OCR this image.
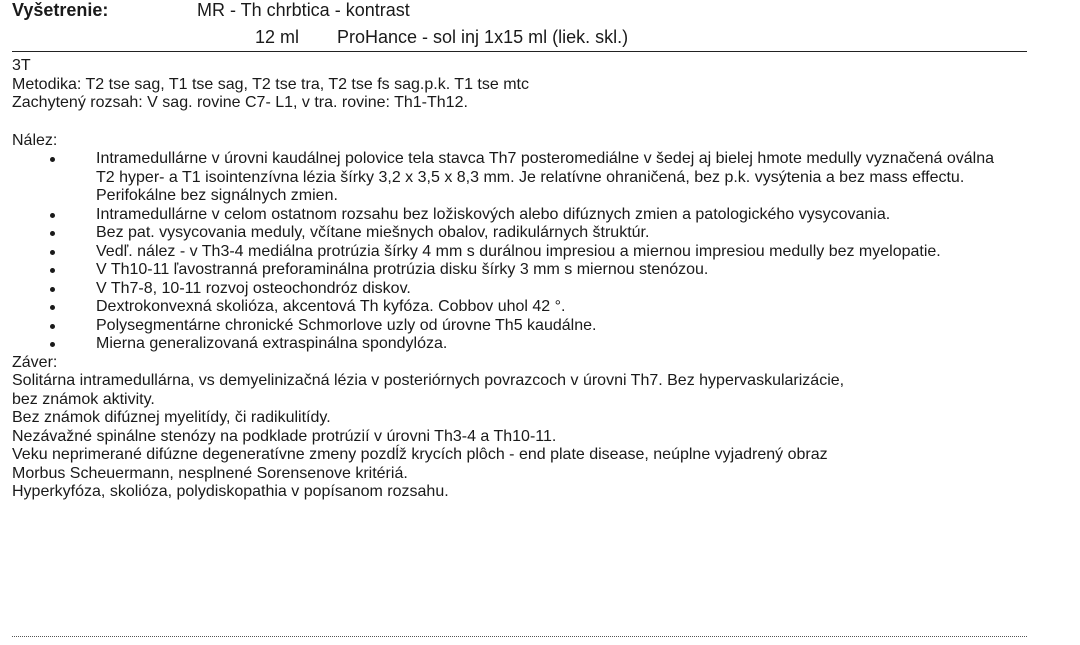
Vyšetrenie:	MR - Th chrbtica - kontrast
12 ml ProHance - sol inj 1x15 ml (liek. skl.)
3T
Metodika: T2 tse sag, T1 tse sag, T2 tse tra, T2 tse fs sag.p.k. T1 tse mtc
Zachytený rozsah: V sag. rovine C7- L1, v tra. rovine: Th1-Th12.
Nález:
Intramedullárne v úrovni kaudálnej polovice tela stavca Th7 posteromediálne v šedej aj bielej hmote medully vyznačená oválna T2 hyper- a T1 isointenzívna lézia šírky 3,2 x 3,5 x 8,3 mm. Je relatívne ohraničená, bez p.k. vysýtenia a bez mass effectu. Perifokálne bez signálnych zmien.
Intramedullárne v celom ostatnom rozsahu bez ložiskových alebo difúznych zmien a patologického vysycovania.
Bez pat. vysycovania meduly, včítane miešnych obalov, radikulárnych štruktúr.
Vedľ. nález - v Th3-4 mediálna protrúzia šírky 4 mm s durálnou impresiou a miernou impresiou medully bez myelopatie.
V Th10-11 ľavostranná preforaminálna protrúzia disku šírky 3 mm s miernou stenózou.
V Th7-8, 10-11 rozvoj osteochondróz diskov.
Dextrokonvexná skolióza, akcentová Th kyfóza. Cobbov uhol 42 °.
Polysegmentárne chronické Schmorlove uzly od úrovne Th5 kaudálne.
Mierna generalizovaná extraspinálna spondylóza.
Záver:
Solitárna intramedullárna, vs demyelinizačná lézia v posteriórnych povrazcoch v úrovni Th7. Bez hypervaskularizácie,
bez známok aktivity.
Bez známok difúznej myelitídy, či radikulitídy.
Nezávažné spinálne stenózy na podklade protrúzií v úrovni Th3-4 a Th10-11.
Veku neprimerané difúzne degeneratívne zmeny pozdĺž krycích plôch - end plate disease, neúplne vyjadrený obraz
Morbus Scheuermann, nesplnené Sorensenove kritériá.
Hyperkyfóza, skolióza, polydiskopathia v popísanom rozsahu.
